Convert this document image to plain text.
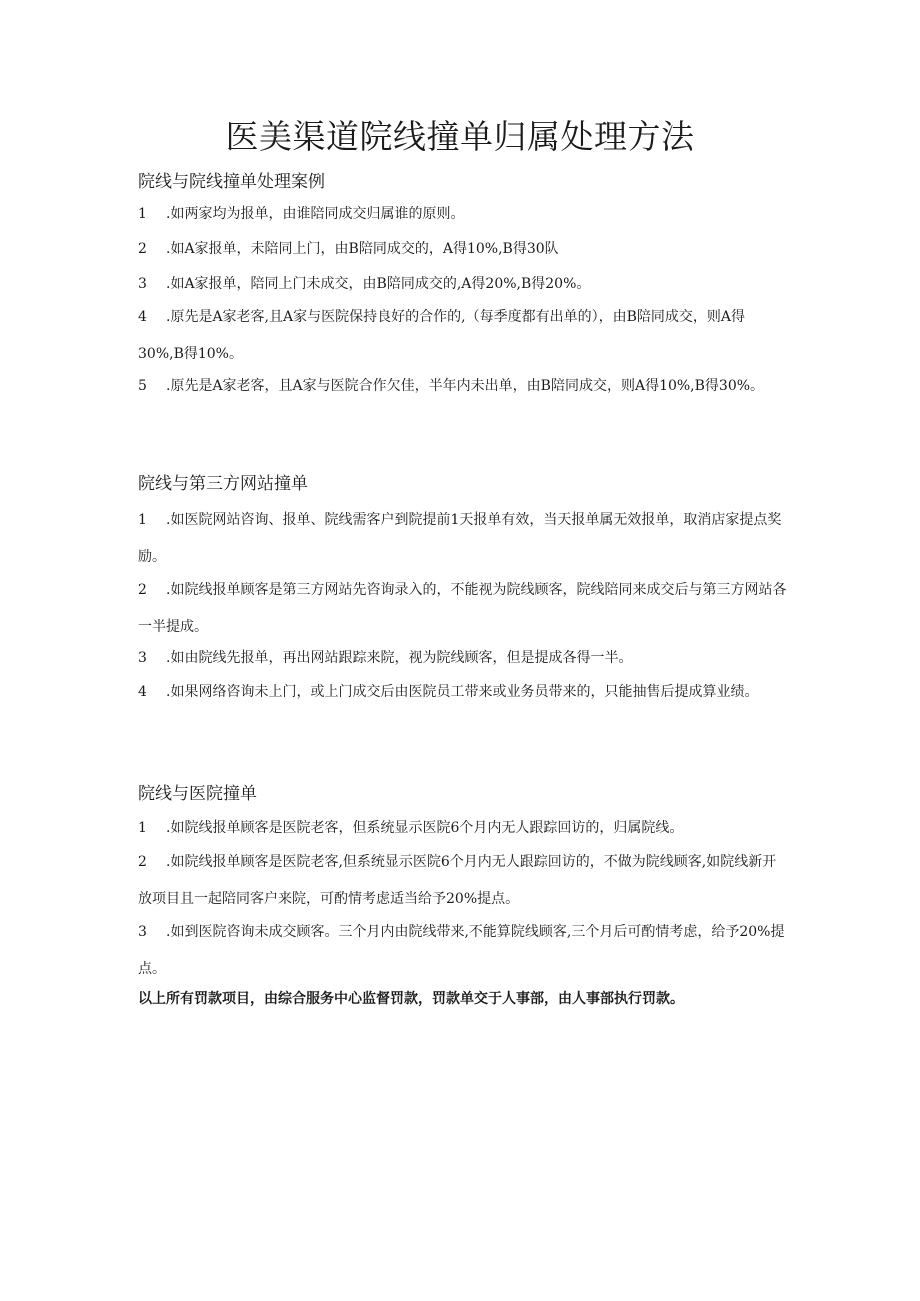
医美渠道院线撞单归属处理方法
院线与院线撞单处理案例

1 .如两家均为报单，由谁陪同成交归属谁的原则。

2 .如A家报单，未陪同上门，由B陪同成交的，A得10%,B得30队

3 .如A家报单，陪同上门未成交，由B陪同成交的,A得20%,B得20%。

4 .原先是A家老客,且A家与医院保持良好的合作的,（每季度都有出单的），由B陪同成交，则A得30%,B得10%。

5 .原先是A家老客，且A家与医院合作欠佳，半年内未出单，由B陪同成交，则A得10%,B得30%。

院线与第三方网站撞单

1 .如医院网站咨询、报单、院线需客户到院提前1天报单有效，当天报单属无效报单，取消店家提点奖励。

2 .如院线报单顾客是第三方网站先咨询录入的，不能视为院线顾客，院线陪同来成交后与第三方网站各一半提成。

3 .如由院线先报单，再出网站跟踪来院，视为院线顾客，但是提成各得一半。

4 .如果网络咨询未上门，或上门成交后由医院员工带来或业务员带来的，只能抽售后提成算业绩。

院线与医院撞单

1 .如院线报单顾客是医院老客，但系统显示医院6个月内无人跟踪回访的，归属院线。

2 .如院线报单顾客是医院老客,但系统显示医院6个月内无人跟踪回访的，不做为院线顾客,如院线新开放项目且一起陪同客户来院，可酌情考虑适当给予20%提点。

3 .如到医院咨询未成交顾客。三个月内由院线带来,不能算院线顾客,三个月后可酌情考虑，给予20%提点。

以上所有罚款项目，由综合服务中心监督罚款，罚款单交于人事部，由人事部执行罚款。
